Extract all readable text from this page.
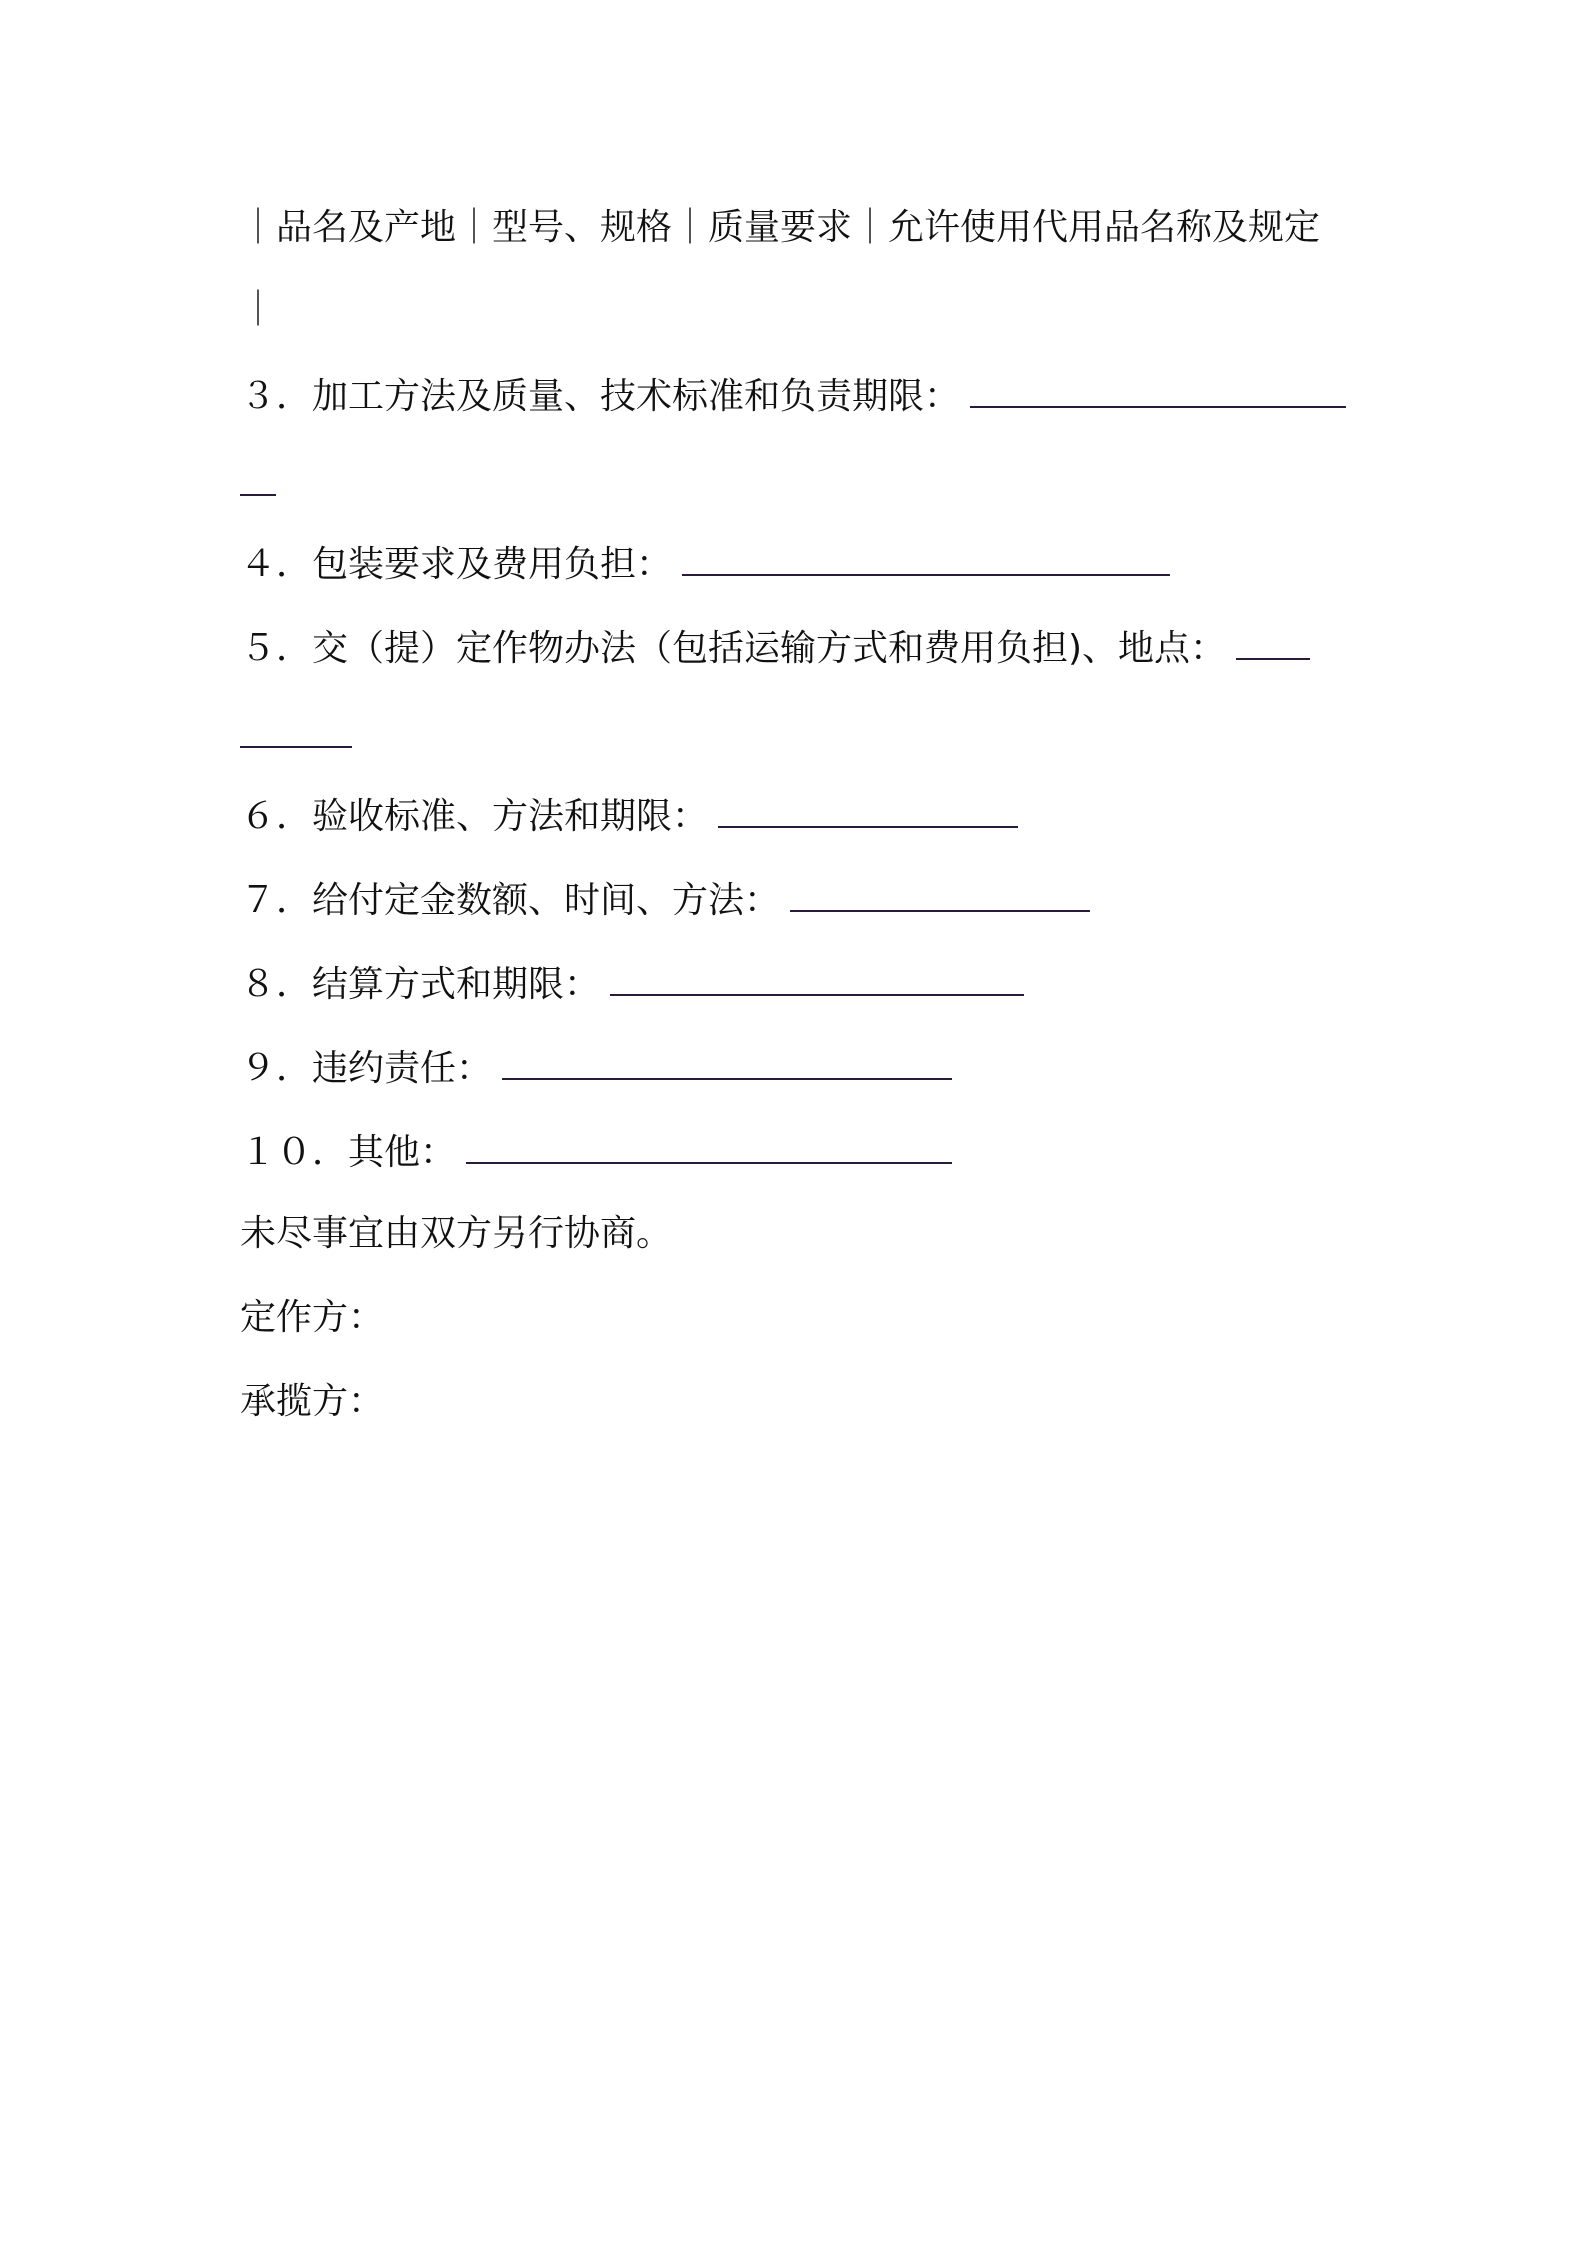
｜品名及产地｜型号、规格｜质量要求｜允许使用代用品名称及规定
｜
３．加工方法及质量、技术标准和负责期限：
４．包装要求及费用负担：
５．交（提）定作物办法（包括运输方式和费用负担)、地点：
６．验收标准、方法和期限：
７．给付定金数额、时间、方法：
８．结算方式和期限：
９．违约责任：
１０．其他：
未尽事宜由双方另行协商。
定作方：
承揽方：
